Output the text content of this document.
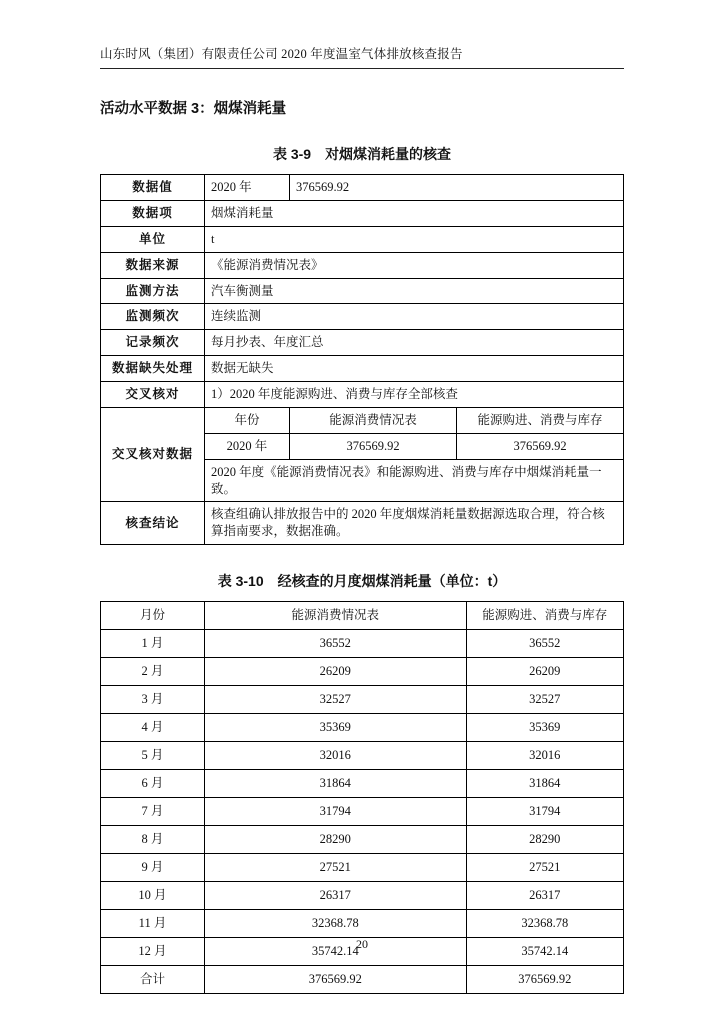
山东时风（集团）有限责任公司 2020 年度温室气体排放核查报告
活动水平数据 3：烟煤消耗量
表 3-9 对烟煤消耗量的核查
数据值	2020 年	376569.92
数据项	烟煤消耗量
单位	t
数据来源	《能源消费情况表》
监测方法	汽车衡测量
监测频次	连续监测
记录频次	每月抄表、年度汇总
数据缺失处理	数据无缺失
交叉核对	1）2020 年度能源购进、消费与库存全部核查
交叉核对数据	年份		能源消费情况表	能源购进、消费与库存

2020 年		376569.92	376569.92

2020 年度《能源消费情况表》和能源购进、消费与库存中烟煤消耗量一致。
核查结论	核查组确认排放报告中的 2020 年度烟煤消耗量数据源选取合理，符合核算指南要求，数据准确。
表 3-10 经核查的月度烟煤消耗量（单位：t）
月份	能源消费情况表	能源购进、消费与库存
1 月	36552	36552
2 月	26209	26209
3 月	32527	32527
4 月	35369	35369
5 月	32016	32016
6 月	31864	31864
7 月	31794	31794
8 月	28290	28290
9 月	27521	27521
10 月	26317	26317
11 月	32368.78	32368.78
12 月	35742.14	35742.14
合计	376569.92	376569.92
20
